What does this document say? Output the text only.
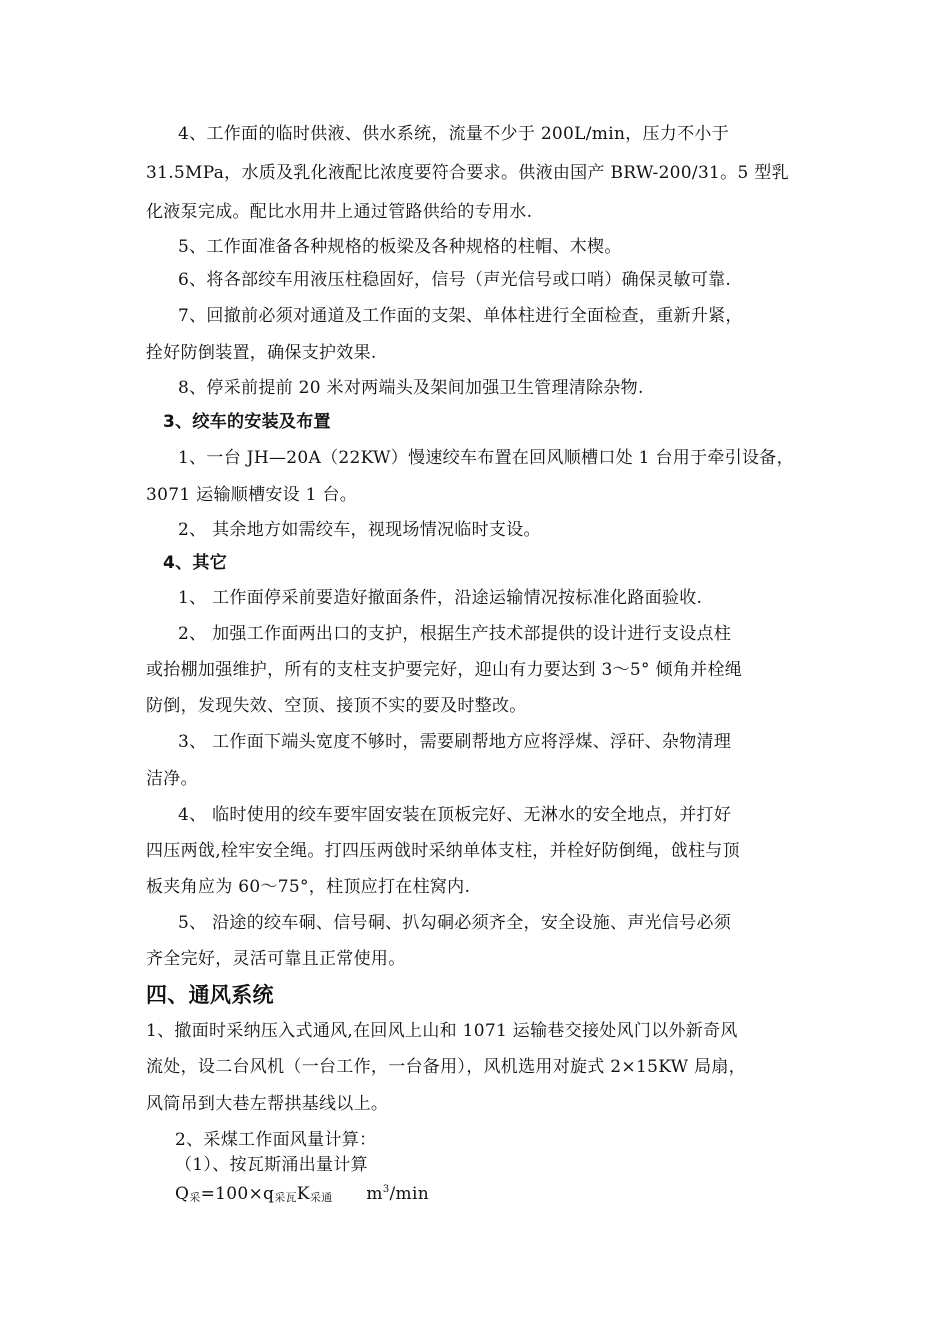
4、工作面的临时供液、供水系统，流量不少于 200L/min，压力不小于
31.5MPa，水质及乳化液配比浓度要符合要求。供液由国产 BRW-200/31。5 型乳
化液泵完成。配比水用井上通过管路供给的专用水.
5、工作面准备各种规格的板梁及各种规格的柱帽、木楔。
6、将各部绞车用液压柱稳固好，信号（声光信号或口哨）确保灵敏可靠.
7、回撤前必须对通道及工作面的支架、单体柱进行全面检查，重新升紧，
拴好防倒装置，确保支护效果.
8、停采前提前 20 米对两端头及架间加强卫生管理清除杂物.
3、绞车的安装及布置
1、一台 JH—20A（22KW）慢速绞车布置在回风顺槽口处 1 台用于牵引设备，
3071 运输顺槽安设 1 台。
2、 其余地方如需绞车，视现场情况临时支设。
4、其它
1、 工作面停采前要造好撤面条件，沿途运输情况按标准化路面验收.
2、 加强工作面两出口的支护，根据生产技术部提供的设计进行支设点柱
或抬棚加强维护，所有的支柱支护要完好，迎山有力要达到 3～5° 倾角并栓绳
防倒，发现失效、空顶、接顶不实的要及时整改。
3、 工作面下端头宽度不够时，需要刷帮地方应将浮煤、浮矸、杂物清理
洁净。
4、 临时使用的绞车要牢固安装在顶板完好、无淋水的安全地点，并打好
四压两戗,栓牢安全绳。打四压两戗时采纳单体支柱，并栓好防倒绳，戗柱与顶
板夹角应为 60～75°，柱顶应打在柱窝内.
5、 沿途的绞车硐、信号硐、扒勾硐必须齐全，安全设施、声光信号必须
齐全完好，灵活可靠且正常使用。
四、通风系统
1、撤面时采纳压入式通风,在回风上山和 1071 运输巷交接处风门以外新奇风
流处，设二台风机（一台工作，一台备用），风机选用对旋式 2×15KW 局扇，
风筒吊到大巷左帮拱基线以上。
2、采煤工作面风量计算：
（1）、按瓦斯涌出量计算
$Q_采=100\times q_{采瓦}K_{采通}$ $m^3/\min$
